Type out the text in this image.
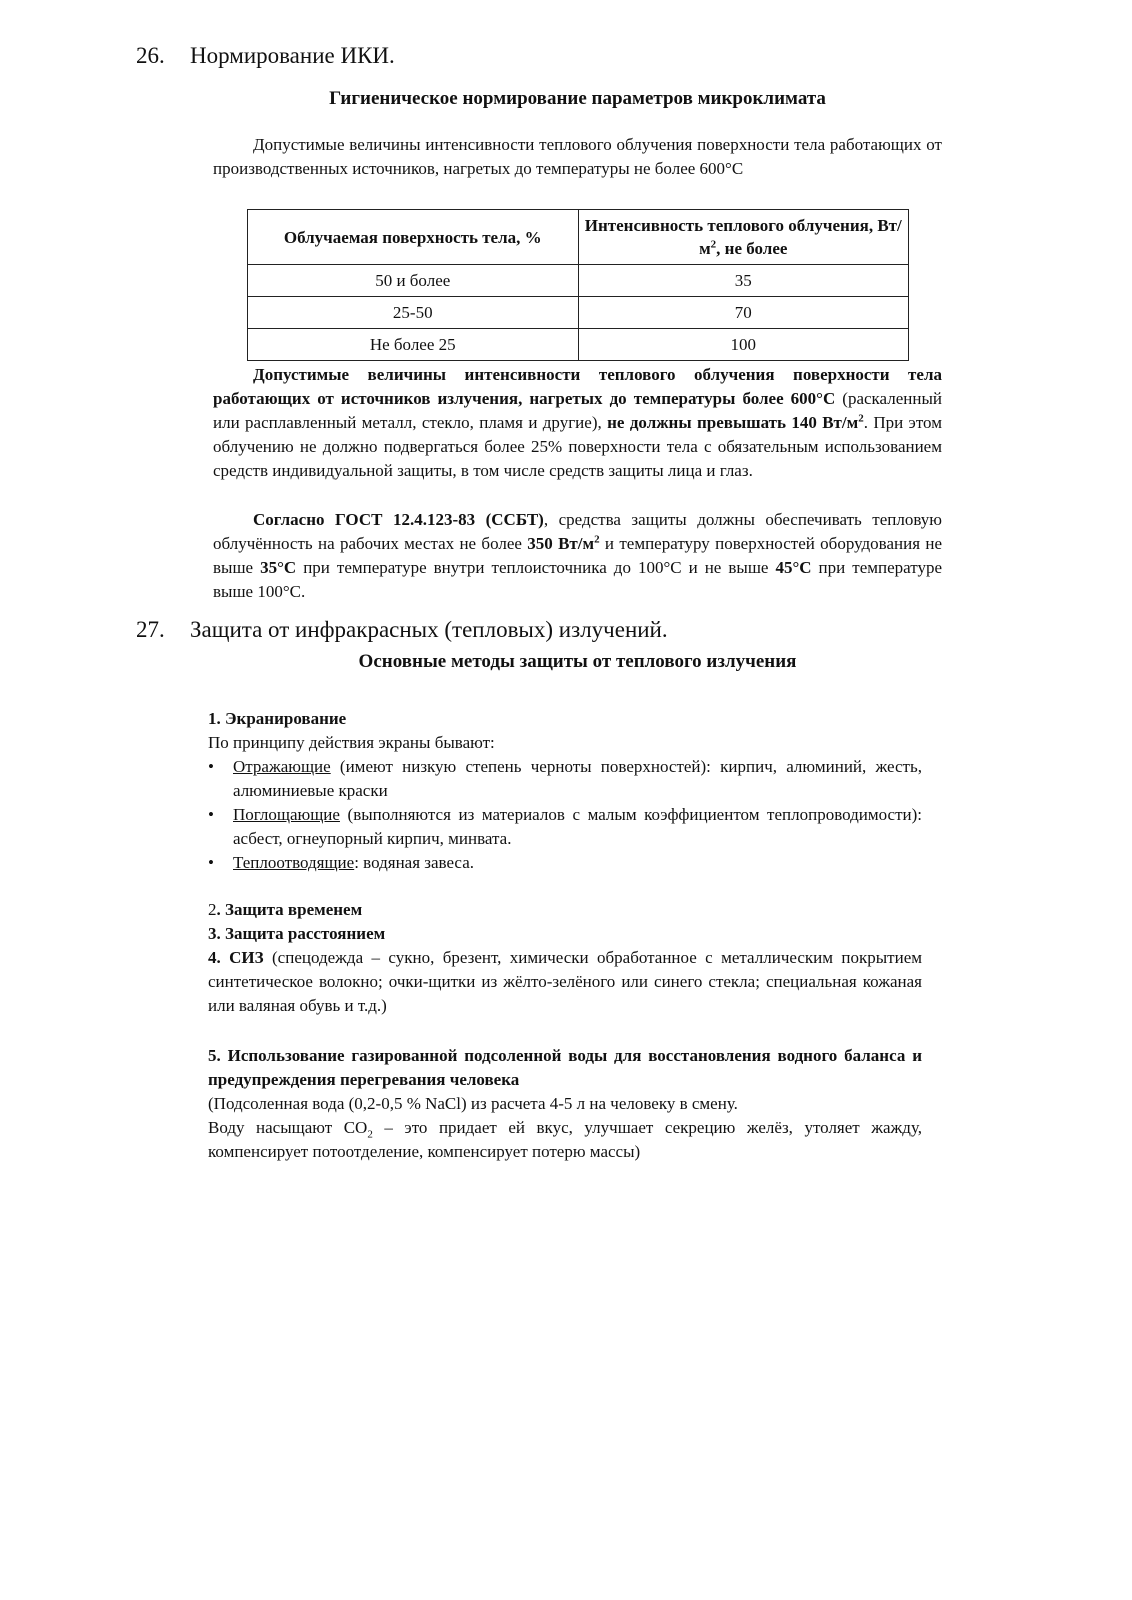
26. Нормирование ИКИ.
Гигиеническое нормирование параметров микроклимата
Допустимые величины интенсивности теплового облучения поверхности тела работающих от производственных источников, нагретых до температуры не более 600°С
Облучаемая поверхность тела, %	Интенсивность теплового облучения, $Вт/м^2$, не более
50 и более	35
25-50	70
Не более 25	100
Допустимые величины интенсивности теплового облучения поверхности тела работающих от источников излучения, нагретых до температуры более 600°С (раскаленный или расплавленный металл, стекло, пламя и другие), не должны превышать 140 $Вт/м^2$. При этом облучению не должно подвергаться более 25% поверхности тела с обязательным использованием средств индивидуальной защиты, в том числе средств защиты лица и глаз.
Согласно ГОСТ 12.4.123-83 (ССБТ), средства защиты должны обеспечивать тепловую облучённость на рабочих местах не более 350 $Вт/м^2$ и температуру поверхностей оборудования не выше 35°С при температуре внутри теплоисточника до 100°С и не выше 45°С при температуре выше 100°С.
27. Защита от инфракрасных (тепловых) излучений.
Основные методы защиты от теплового излучения
1. Экранирование
По принципу действия экраны бывают:
• Отражающие (имеют низкую степень черноты поверхностей): кирпич, алюминий, жесть, алюминиевые краски
• Поглощающие (выполняются из материалов с малым коэффициентом теплопроводимости): асбест, огнеупорный кирпич, минвата.
• Теплоотводящие: водяная завеса.
2. Защита временем
3. Защита расстоянием
4. СИЗ (спецодежда – сукно, брезент, химически обработанное с металлическим покрытием синтетическое волокно; очки-щитки из жёлто-зелёного или синего стекла; специальная кожаная или валяная обувь и т.д.)
5. Использование газированной подсоленной воды для восстановления водного баланса и предупреждения перегревания человека
(Подсоленная вода (0,2-0,5 % NaCl) из расчета 4-5 л на человеку в смену.
Воду насыщают $СО_2$ – это придает ей вкус, улучшает секрецию желёз, утоляет жажду, компенсирует потоотделение, компенсирует потерю массы)
